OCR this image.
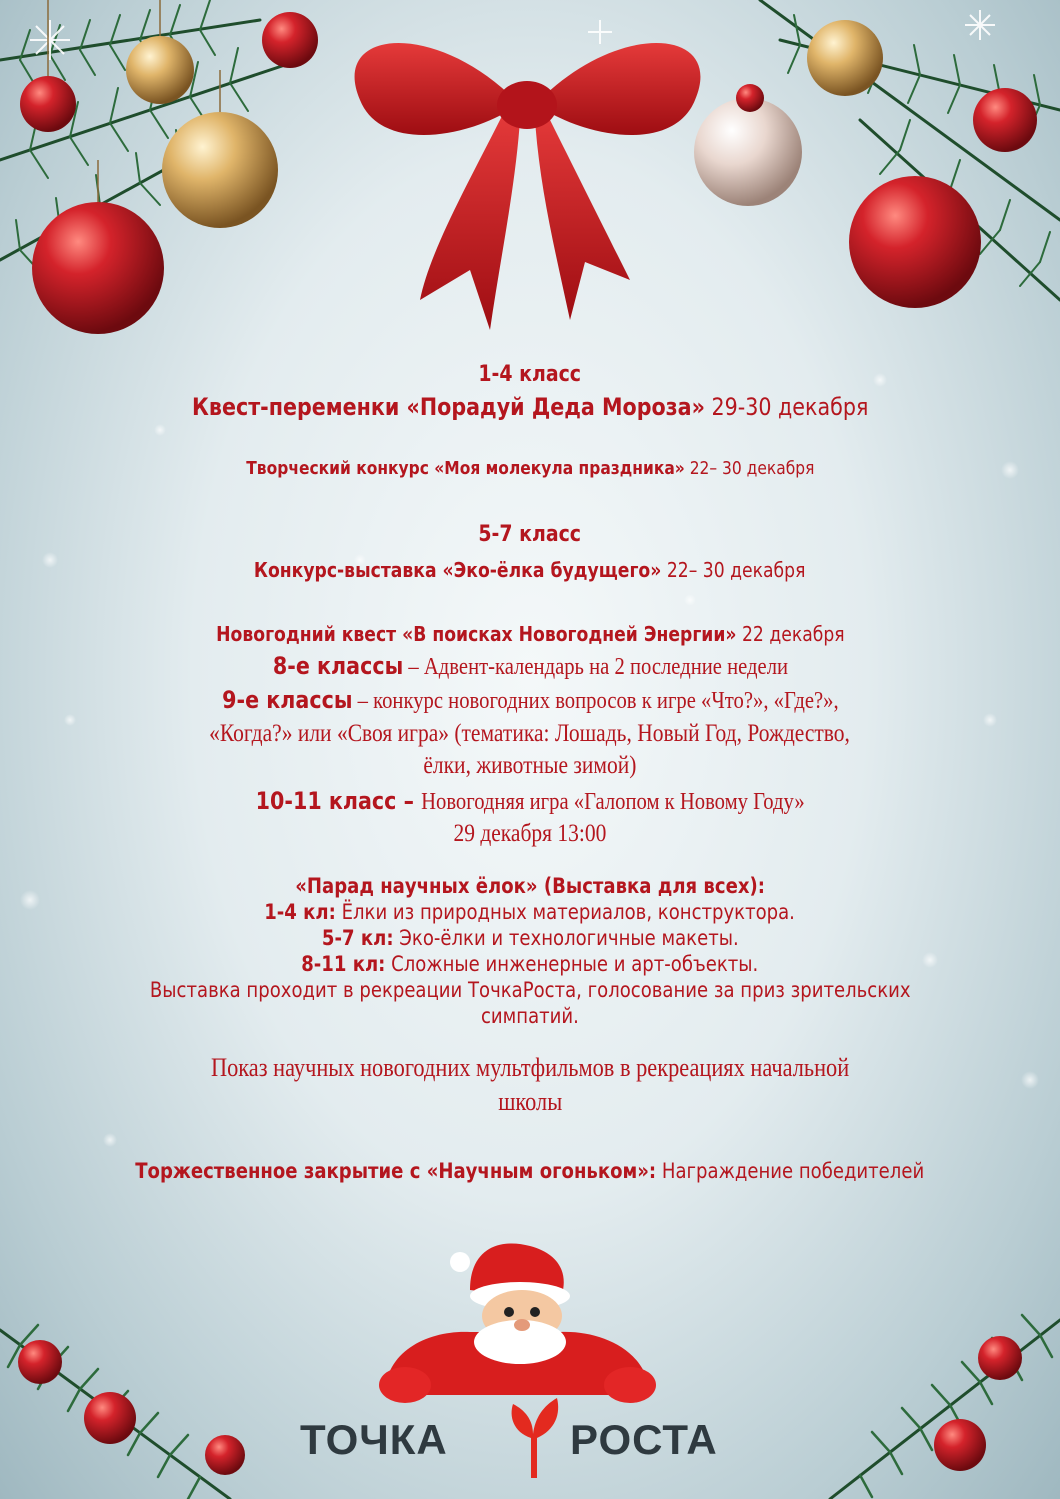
1-4 класс
Квест-переменки «Порадуй Деда Мороза» 29-30 декабря
Творческий конкурс «Моя молекула праздника» 22– 30 декабря
5-7 класс
Конкурс-выставка «Эко-ёлка будущего» 22– 30 декабря
Новогодний квест «В поисках Новогодней Энергии» 22 декабря
8-е классы – Адвент-календарь на 2 последние недели
9-е классы – конкурс новогодних вопросов к игре «Что?», «Где?»,
«Когда?» или «Своя игра» (тематика: Лошадь, Новый Год, Рождество,
ёлки, животные зимой)
10-11 класс – Новогодняя игра «Галопом к Новому Году»
29 декабря 13:00
«Парад научных ёлок» (Выставка для всех):
1-4 кл: Ёлки из природных материалов, конструктора.
5-7 кл: Эко-ёлки и технологичные макеты.
8-11 кл: Сложные инженерные и арт-объекты.
Выставка проходит в рекреации ТочкаРоста, голосование за приз зрительских
симпатий.
Показ научных новогодних мультфильмов в рекреациях начальной
школы
Торжественное закрытие с «Научным огоньком»: Награждение победителей
ТОЧКА	РОСТА
